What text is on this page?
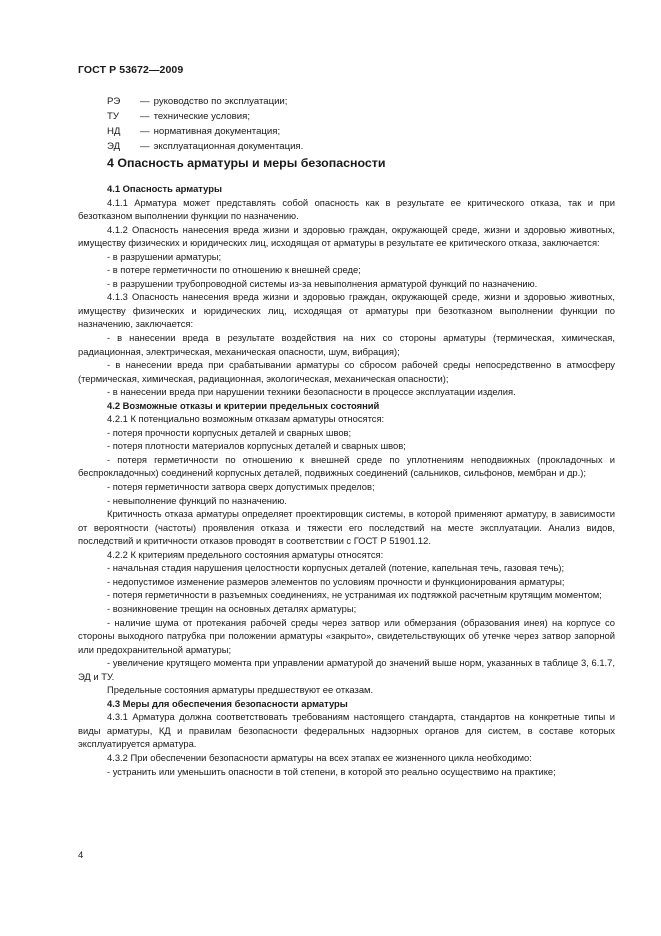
ГОСТ Р 53672—2009
РЭ — руководство по эксплуатации;
ТУ — технические условия;
НД — нормативная документация;
ЭД — эксплуатационная документация.
4 Опасность арматуры и меры безопасности

4.1 Опасность арматуры

4.1.1 Арматура может представлять собой опасность как в результате ее критического отказа, так и при безотказном выполнении функции по назначению.

4.1.2 Опасность нанесения вреда жизни и здоровью граждан, окружающей среде, жизни и здоровью животных, имуществу физических и юридических лиц, исходящая от арматуры в результате ее критического отказа, заключается:

- в разрушении арматуры;

- в потере герметичности по отношению к внешней среде;

- в разрушении трубопроводной системы из-за невыполнения арматурой функций по назначению.

4.1.3 Опасность нанесения вреда жизни и здоровью граждан, окружающей среде, жизни и здоровью животных, имуществу физических и юридических лиц, исходящая от арматуры при безотказном выполнении функции по назначению, заключается:

- в нанесении вреда в результате воздействия на них со стороны арматуры (термическая, химическая, радиационная, электрическая, механическая опасности, шум, вибрация);

- в нанесении вреда при срабатывании арматуры со сбросом рабочей среды непосредственно в атмосферу (термическая, химическая, радиационная, экологическая, механическая опасности);

- в нанесении вреда при нарушении техники безопасности в процессе эксплуатации изделия.

4.2 Возможные отказы и критерии предельных состояний

4.2.1 К потенциально возможным отказам арматуры относятся:

- потеря прочности корпусных деталей и сварных швов;

- потеря плотности материалов корпусных деталей и сварных швов;

- потеря герметичности по отношению к внешней среде по уплотнениям неподвижных (прокладочных и беспрокладочных) соединений корпусных деталей, подвижных соединений (сальников, сильфонов, мембран и др.);

- потеря герметичности затвора сверх допустимых пределов;

- невыполнение функций по назначению.

Критичность отказа арматуры определяет проектировщик системы, в которой применяют арматуру, в зависимости от вероятности (частоты) проявления отказа и тяжести его последствий на месте эксплуатации. Анализ видов, последствий и критичности отказов проводят в соответствии с ГОСТ Р 51901.12.

4.2.2 К критериям предельного состояния арматуры относятся:

- начальная стадия нарушения целостности корпусных деталей (потение, капельная течь, газовая течь);

- недопустимое изменение размеров элементов по условиям прочности и функционирования арматуры;

- потеря герметичности в разъемных соединениях, не устранимая их подтяжкой расчетным крутящим моментом;

- возникновение трещин на основных деталях арматуры;

- наличие шума от протекания рабочей среды через затвор или обмерзания (образования инея) на корпусе со стороны выходного патрубка при положении арматуры «закрыто», свидетельствующих об утечке через затвор запорной или предохранительной арматуры;

- увеличение крутящего момента при управлении арматурой до значений выше норм, указанных в таблице 3, 6.1.7, ЭД и ТУ.

Предельные состояния арматуры предшествуют ее отказам.

4.3 Меры для обеспечения безопасности арматуры

4.3.1 Арматура должна соответствовать требованиям настоящего стандарта, стандартов на конкретные типы и виды арматуры, КД и правилам безопасности федеральных надзорных органов для систем, в составе которых эксплуатируется арматура.

4.3.2 При обеспечении безопасности арматуры на всех этапах ее жизненного цикла необходимо:

- устранить или уменьшить опасности в той степени, в которой это реально осуществимо на практике;

4
